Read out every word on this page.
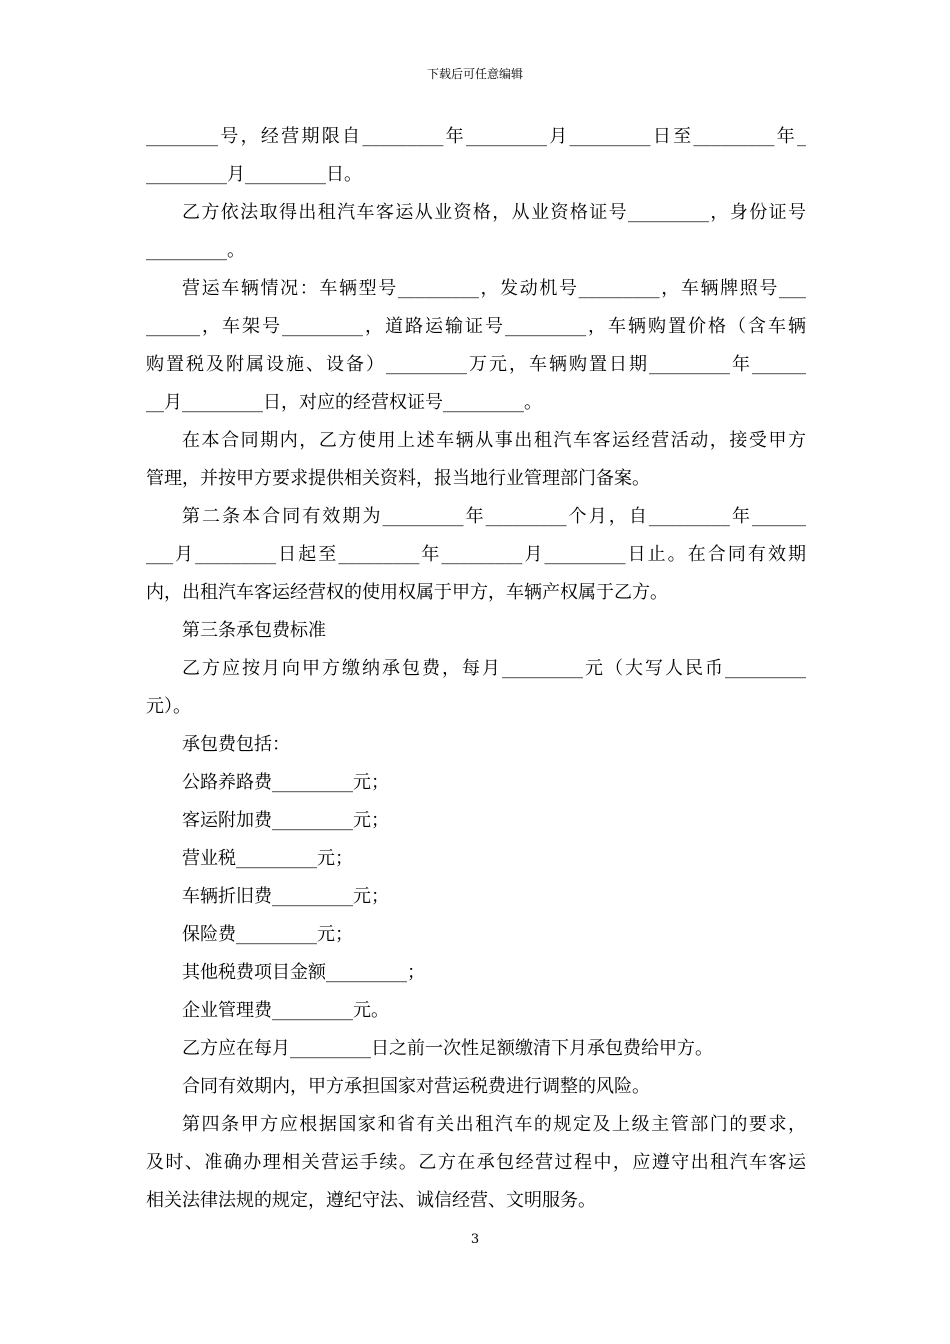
下载后可任意编辑
________号，经营期限自_________年_________月_________日至_________年_
_________月_________日。
乙方依法取得出租汽车客运从业资格，从业资格证号_________，身份证号
_________。
营运车辆情况：车辆型号_________，发动机号_________，车辆牌照号___
______，车架号_________，道路运输证号_________，车辆购置价格（含车辆
购置税及附属设施、设备）_________万元，车辆购置日期_________年______
__月_________日，对应的经营权证号_________。
在本合同期内，乙方使用上述车辆从事出租汽车客运经营活动，接受甲方
管理，并按甲方要求提供相关资料，报当地行业管理部门备案。
第二条本合同有效期为_________年_________个月，自_________年______
___月_________日起至_________年_________月_________日止。在合同有效期
内，出租汽车客运经营权的使用权属于甲方，车辆产权属于乙方。
第三条承包费标准
乙方应按月向甲方缴纳承包费，每月_________元（大写人民币_________
元）。
承包费包括：
公路养路费_________元；
客运附加费_________元；
营业税_________元；
车辆折旧费_________元；
保险费_________元；
其他税费项目金额_________；
企业管理费_________元。
乙方应在每月_________日之前一次性足额缴清下月承包费给甲方。
合同有效期内，甲方承担国家对营运税费进行调整的风险。
第四条甲方应根据国家和省有关出租汽车的规定及上级主管部门的要求，
及时、准确办理相关营运手续。乙方在承包经营过程中，应遵守出租汽车客运
相关法律法规的规定，遵纪守法、诚信经营、文明服务。
3
